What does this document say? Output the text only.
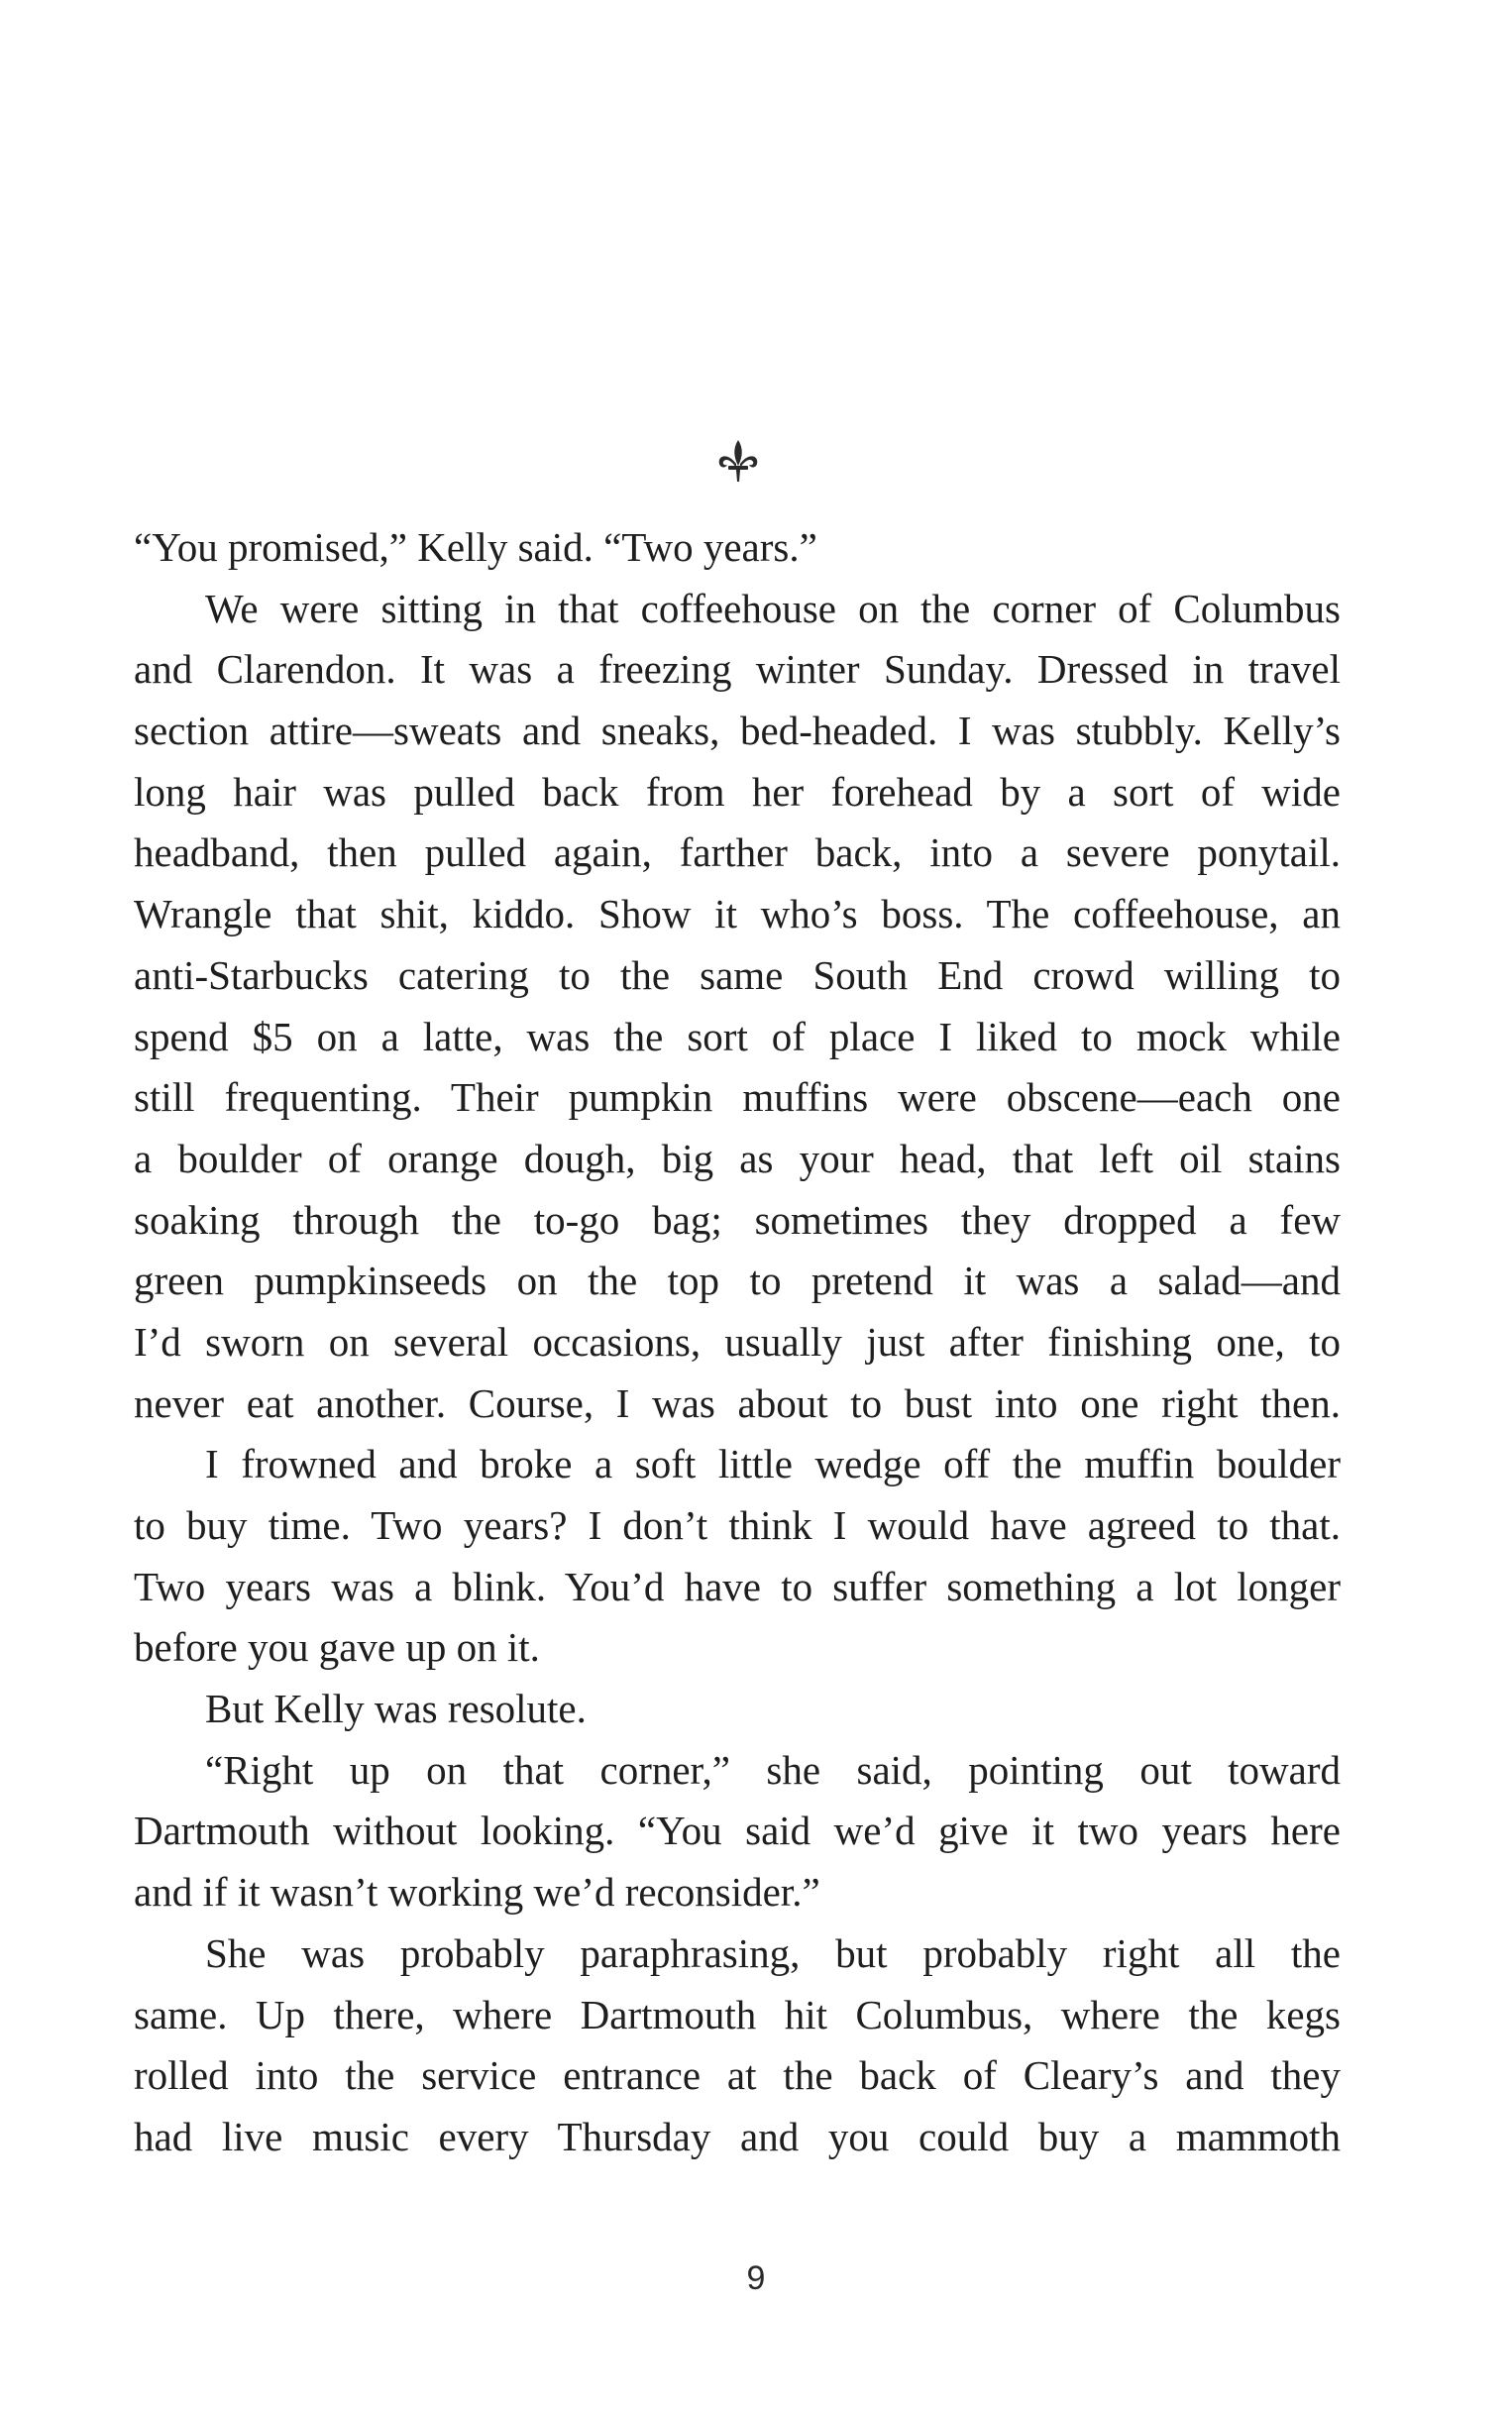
“You promised,” Kelly said. “Two years.”
We were sitting in that coffeehouse on the corner of Columbus
and Clarendon. It was a freezing winter Sunday. Dressed in travel
section attire—sweats and sneaks, bed-headed. I was stubbly. Kelly’s
long hair was pulled back from her forehead by a sort of wide
headband, then pulled again, farther back, into a severe ponytail.
Wrangle that shit, kiddo. Show it who’s boss. The coffeehouse, an
anti-Starbucks catering to the same South End crowd willing to
spend $5 on a latte, was the sort of place I liked to mock while
still frequenting. Their pumpkin muffins were obscene—each one
a boulder of orange dough, big as your head, that left oil stains
soaking through the to-go bag; sometimes they dropped a few
green pumpkinseeds on the top to pretend it was a salad—and
I’d sworn on several occasions, usually just after finishing one, to
never eat another. Course, I was about to bust into one right then.
I frowned and broke a soft little wedge off the muffin boulder
to buy time. Two years? I don’t think I would have agreed to that.
Two years was a blink. You’d have to suffer something a lot longer
before you gave up on it.
But Kelly was resolute.
“Right up on that corner,” she said, pointing out toward
Dartmouth without looking. “You said we’d give it two years here
and if it wasn’t working we’d reconsider.”
She was probably paraphrasing, but probably right all the
same. Up there, where Dartmouth hit Columbus, where the kegs
rolled into the service entrance at the back of Cleary’s and they
had live music every Thursday and you could buy a mammoth
9
